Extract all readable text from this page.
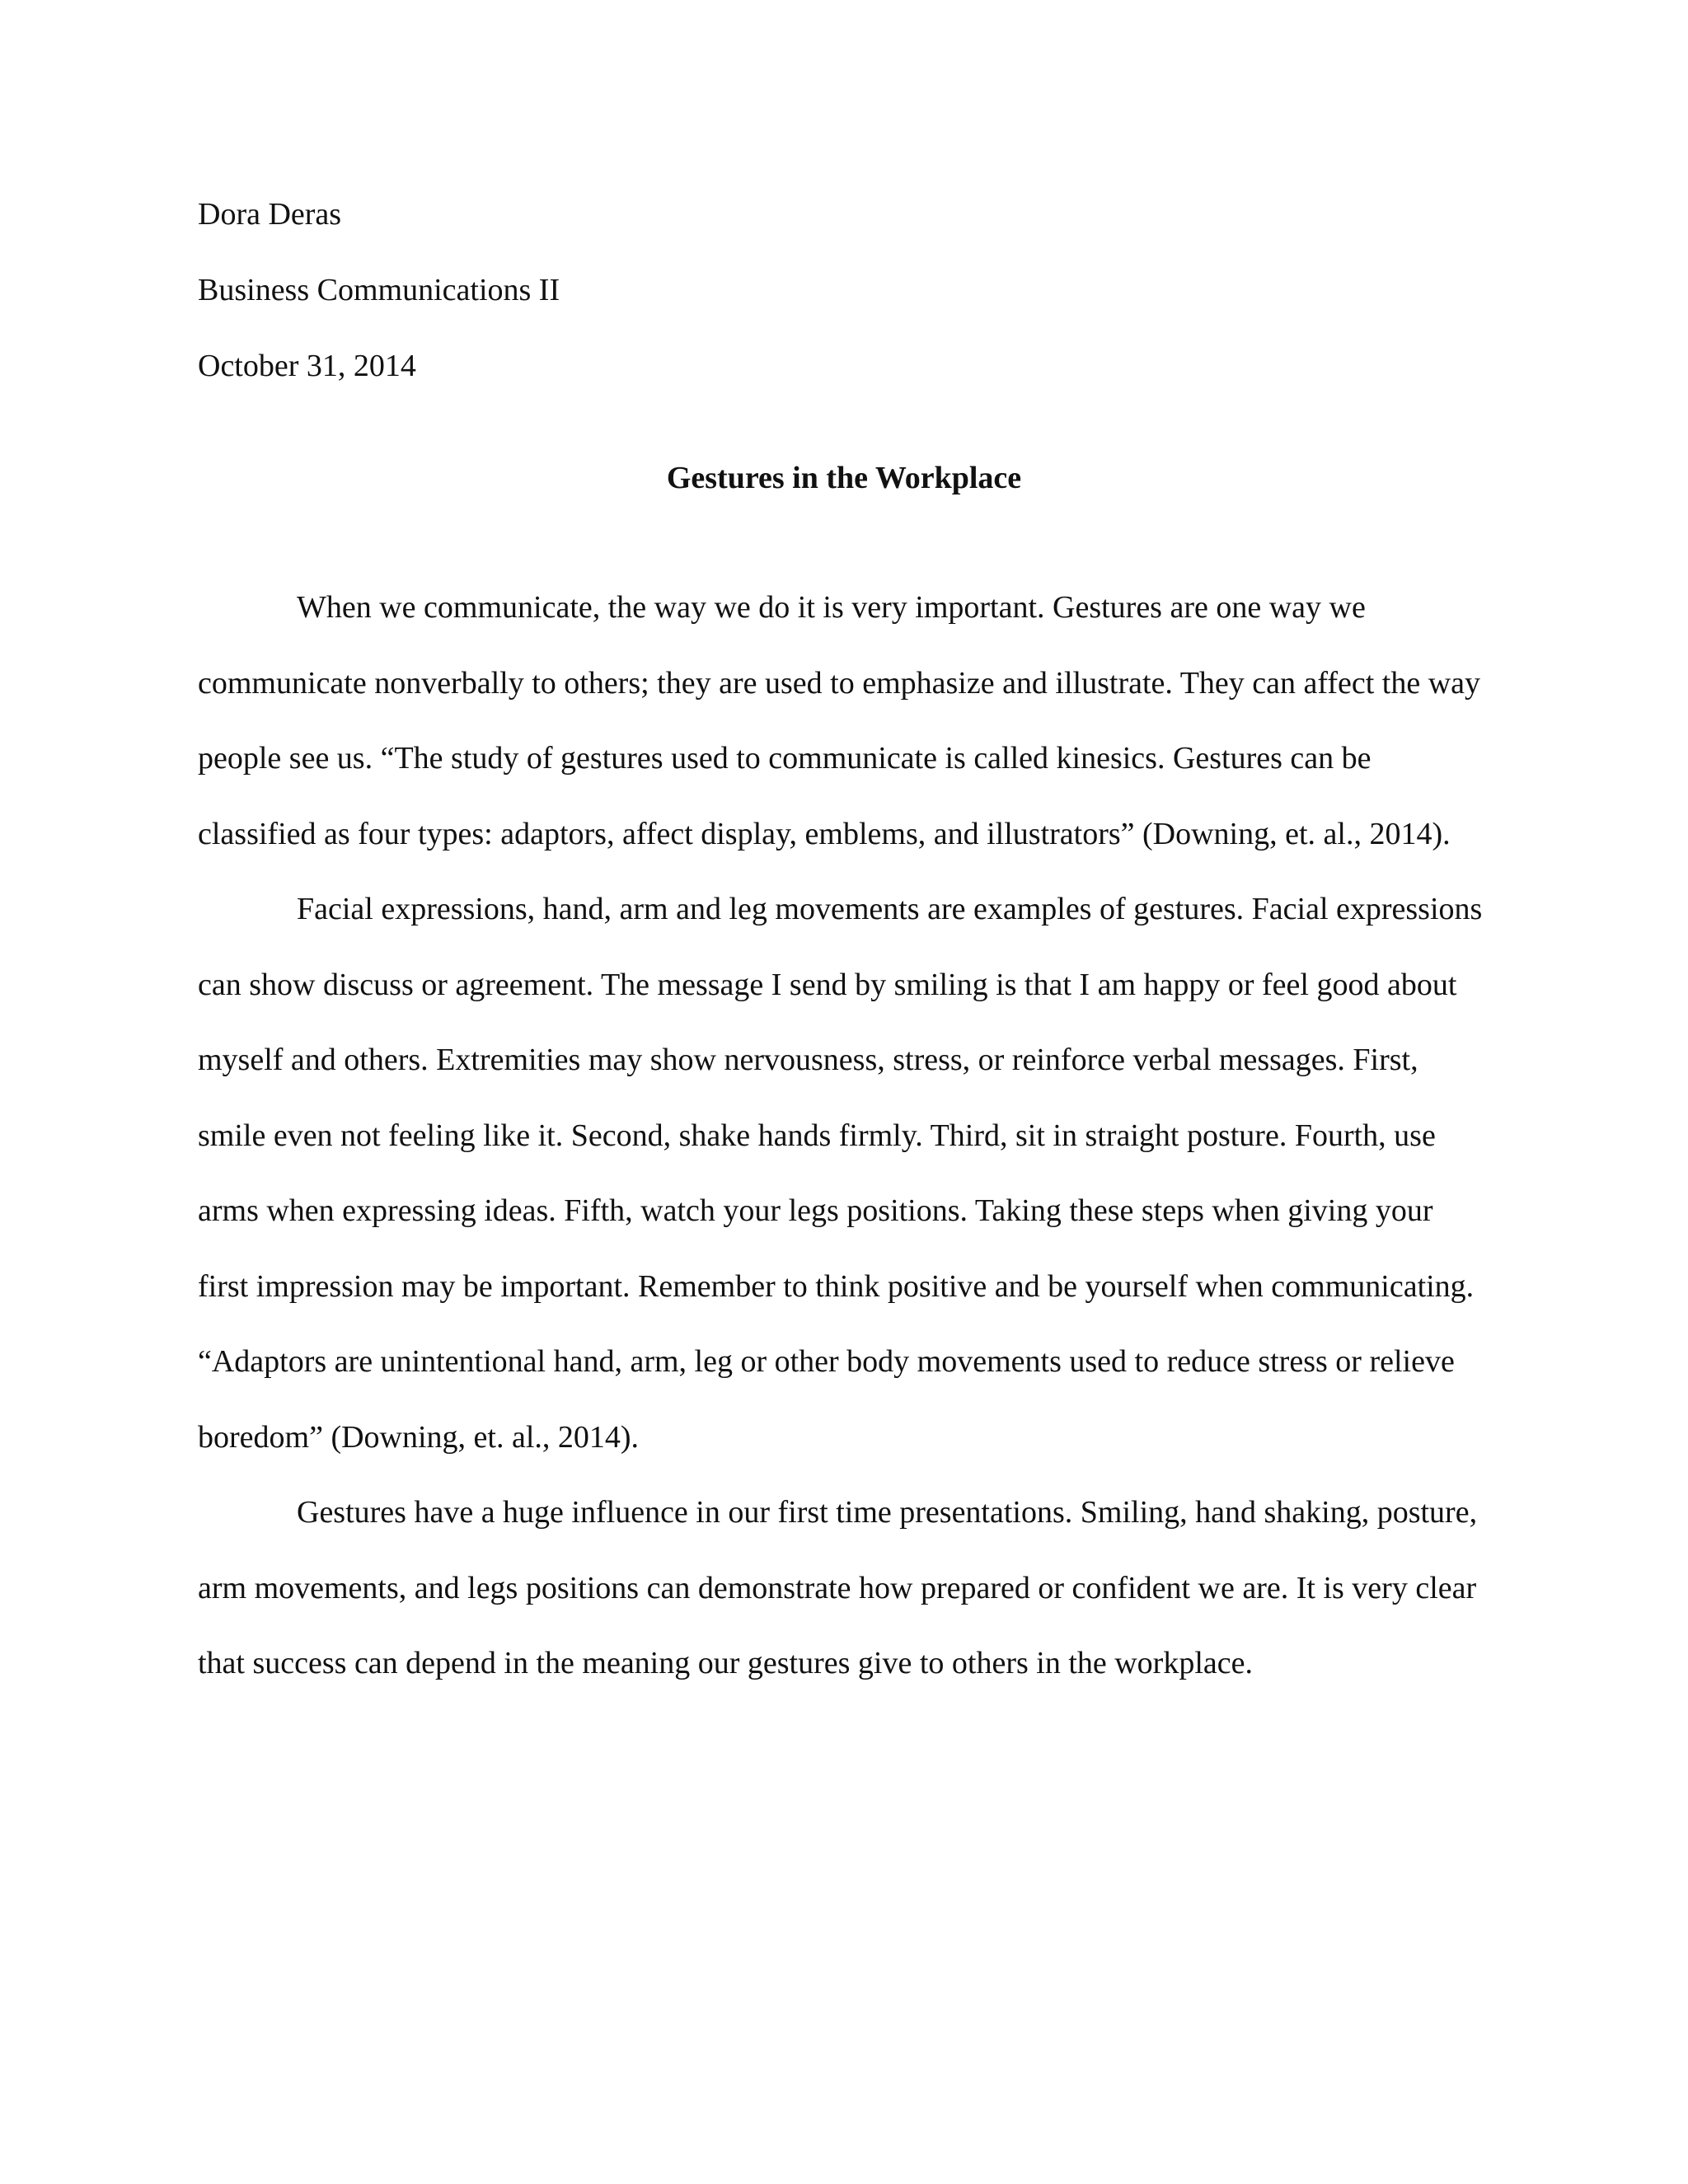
Dora Deras
Business Communications II
October 31, 2014
Gestures in the Workplace

When we communicate, the way we do it is very important. Gestures are one way we communicate nonverbally to others; they are used to emphasize and illustrate. They can affect the way people see us. “The study of gestures used to communicate is called kinesics. Gestures can be classified as four types: adaptors, affect display, emblems, and illustrators” (Downing, et. al., 2014).

Facial expressions, hand, arm and leg movements are examples of gestures. Facial expressions can show discuss or agreement. The message I send by smiling is that I am happy or feel good about myself and others. Extremities may show nervousness, stress, or reinforce verbal messages. First, smile even not feeling like it. Second, shake hands firmly. Third, sit in straight posture. Fourth, use arms when expressing ideas. Fifth, watch your legs positions. Taking these steps when giving your first impression may be important. Remember to think positive and be yourself when communicating. “Adaptors are unintentional hand, arm, leg or other body movements used to reduce stress or relieve boredom” (Downing, et. al., 2014).

Gestures have a huge influence in our first time presentations. Smiling, hand shaking, posture, arm movements, and legs positions can demonstrate how prepared or confident we are. It is very clear that success can depend in the meaning our gestures give to others in the workplace.
